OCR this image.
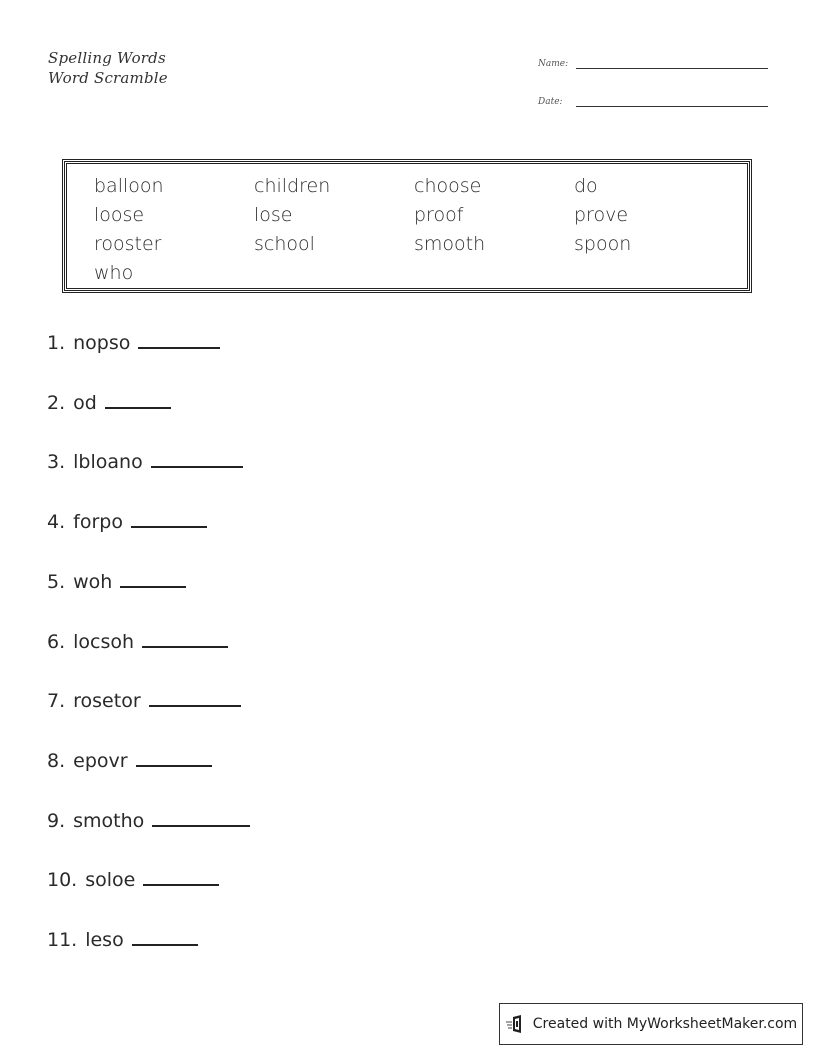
Spelling Words
Word Scramble
Name:
Date:
balloon	children	choose	do
loose	lose	proof	prove
rooster	school	smooth	spoon
who
1. nopso
2. od
3. lbloano
4. forpo
5. woh
6. locsoh
7. rosetor
8. epovr
9. smotho
10. soloe
11. leso
Created with MyWorksheetMaker.com
